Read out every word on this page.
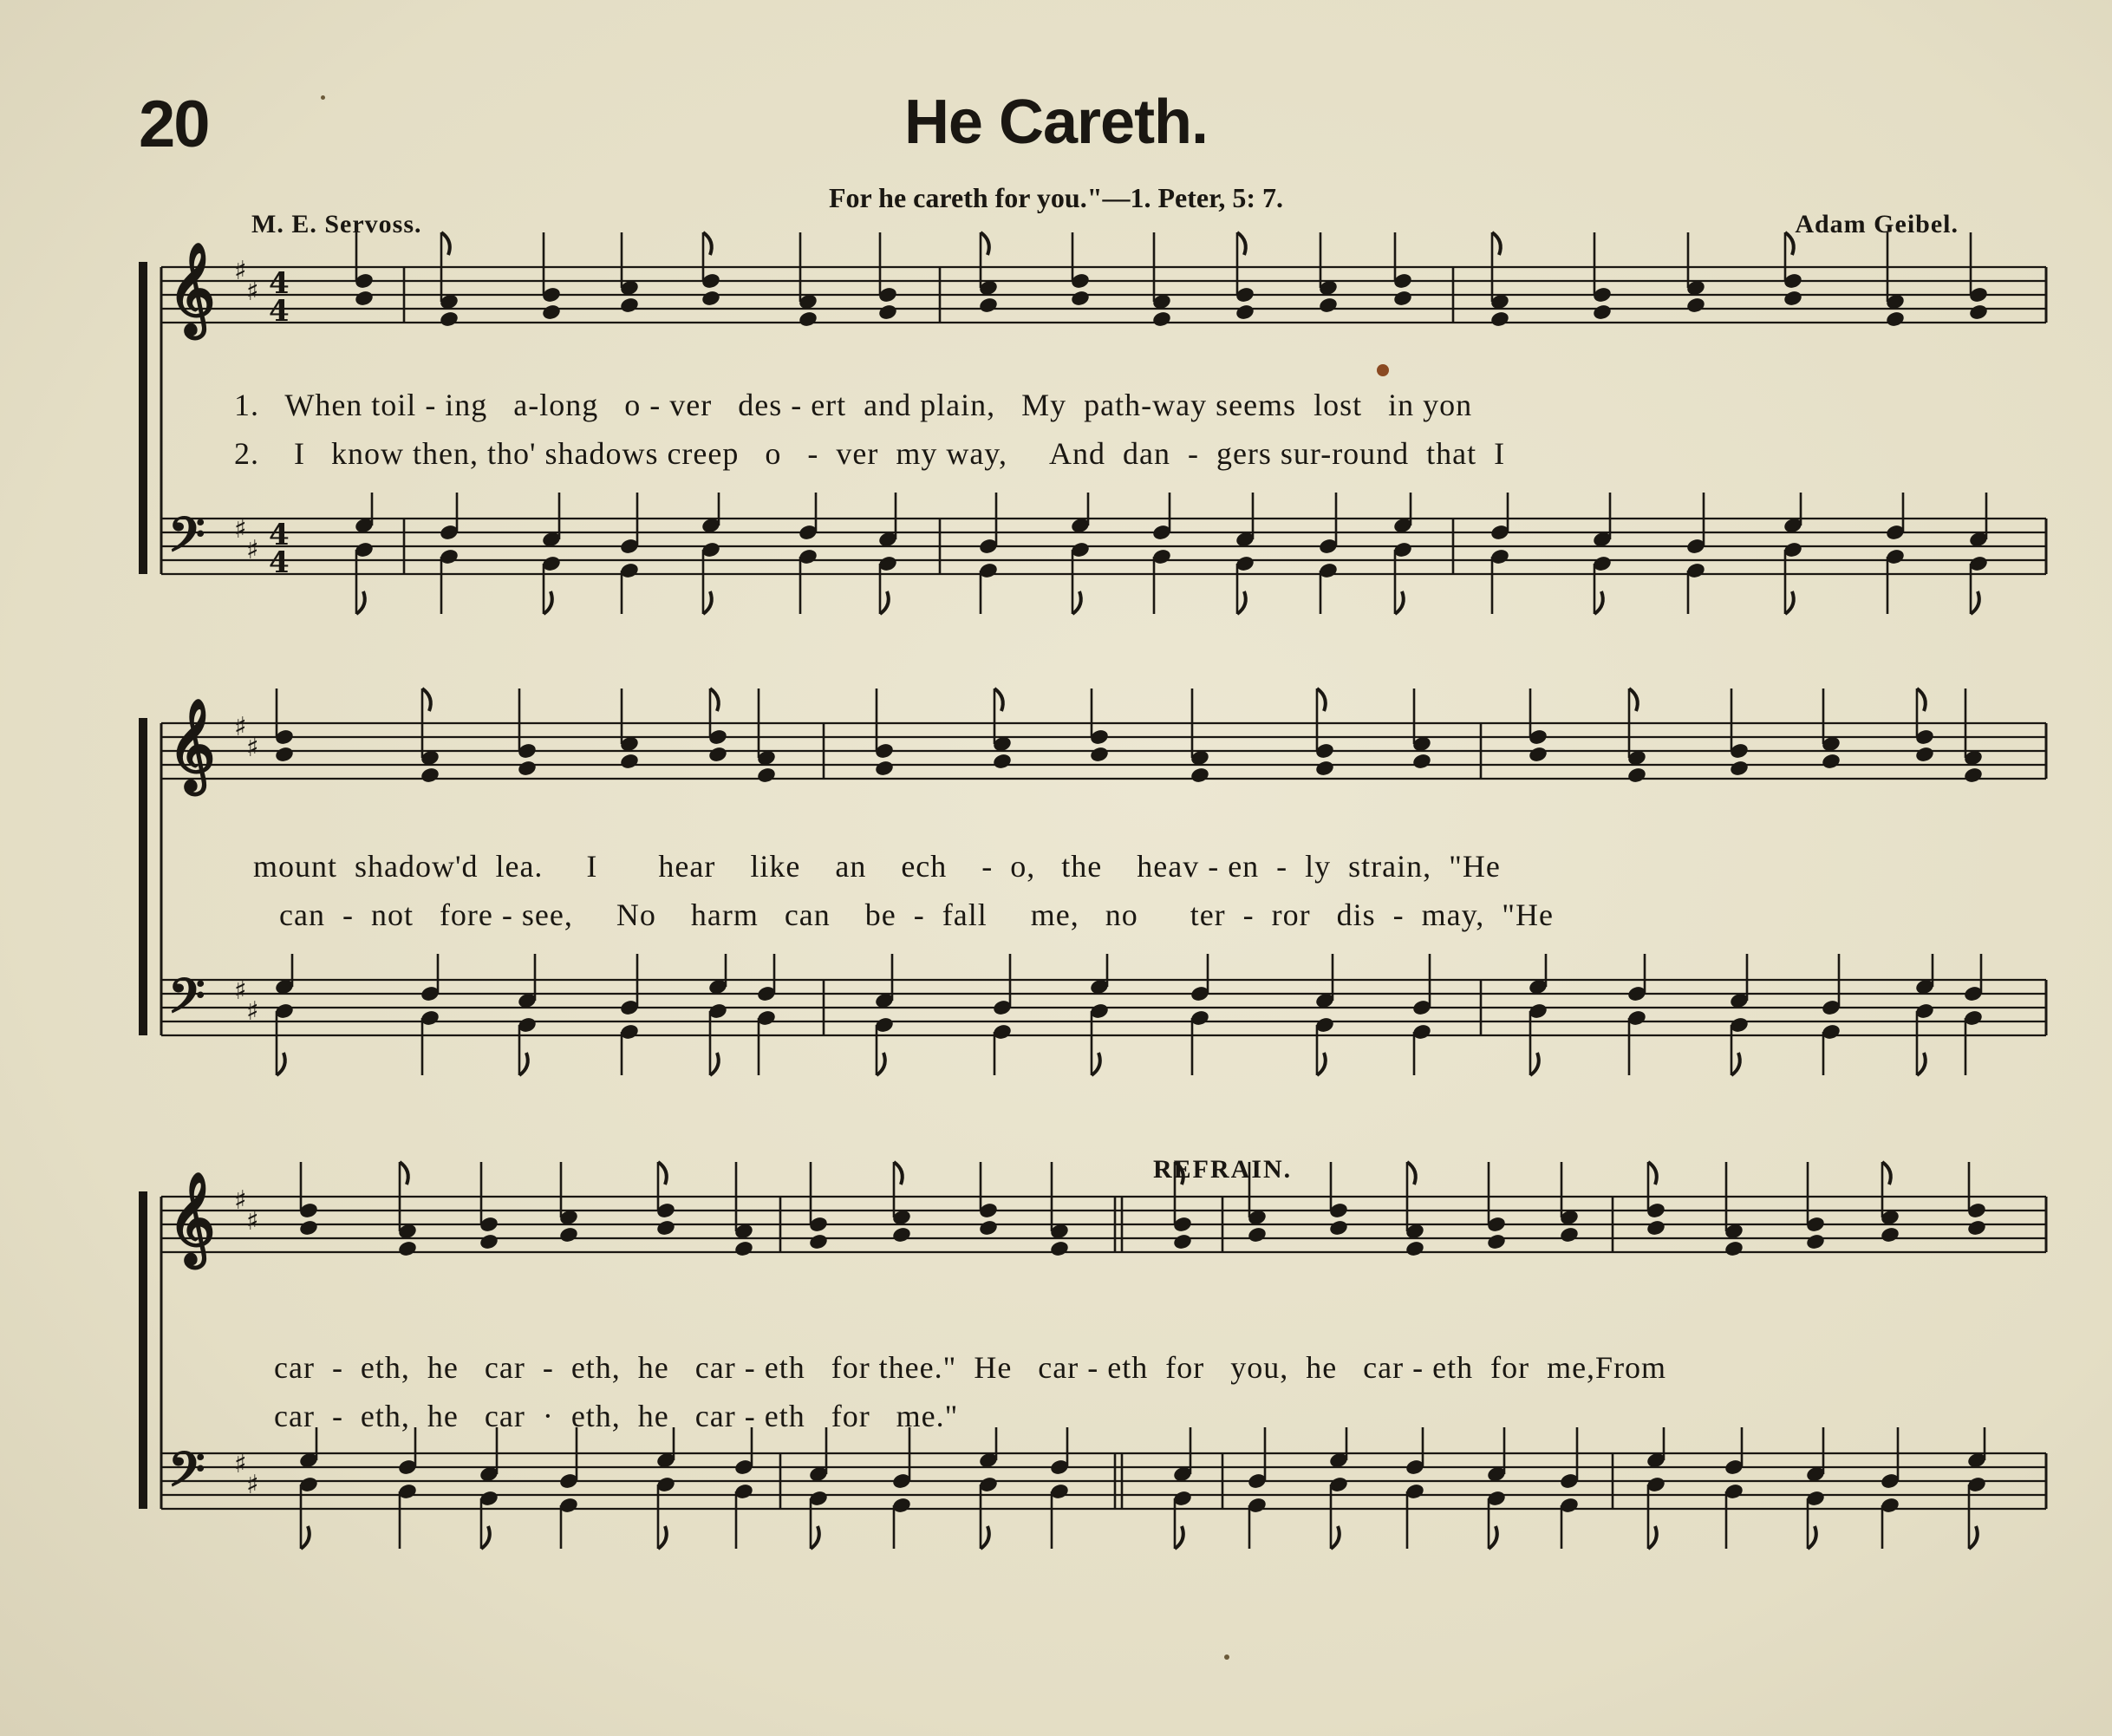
20	He Careth.
For he careth for you."—1. Peter, 5: 7.
M. E. Servoss.	Adam Geibel.
REFRAIN.
1.   When toil - ing   a-long   o - ver   des - ert  and plain,   My  path-way seems  lost   in yon
2.    I   know then, tho' shadows creep   o   -  ver  my way,     And  dan  -  gers sur-round  that  I
mount  shadow'd  lea.     I       hear    like    an    ech    -  o,   the    heav - en  -  ly  strain,  "He
can  -  not   fore - see,     No    harm   can    be  -  fall     me,   no      ter  -  ror   dis  -  may,  "He
car  -  eth,  he   car  -  eth,  he   car - eth   for thee."  He   car - eth  for   you,  he   car - eth  for  me,From
car  -  eth,  he   car  ·  eth,  he   car - eth   for   me."
𝄞
𝄢
♯
♯
♯
♯
4
4
4
4
𝄞
𝄢
♯
♯
♯
♯
𝄞
𝄢
♯
♯
♯
♯
